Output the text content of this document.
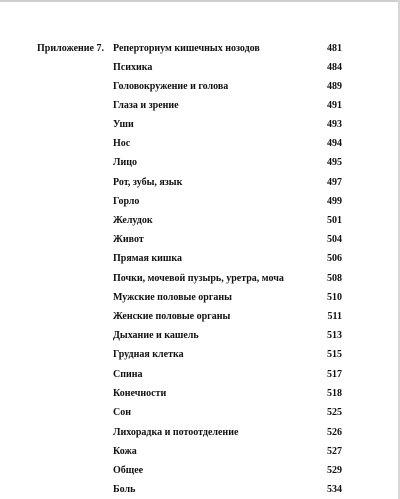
Приложение 7. Реперториум кишечных нозодов	481
Психика	484
Головокружение и голова	489
Глаза и зрение	491
Уши	493
Нос	494
Лицо	495
Рот, зубы, язык	497
Горло	499
Желудок	501
Живот	504
Прямая кишка	506
Почки, мочевой пузырь, уретра, моча	508
Мужские половые органы	510
Женские половые органы	511
Дыхание и кашель	513
Грудная клетка	515
Спина	517
Конечности	518
Сон	525
Лихорадка и потоотделение	526
Кожа	527
Общее	529
Боль	534
